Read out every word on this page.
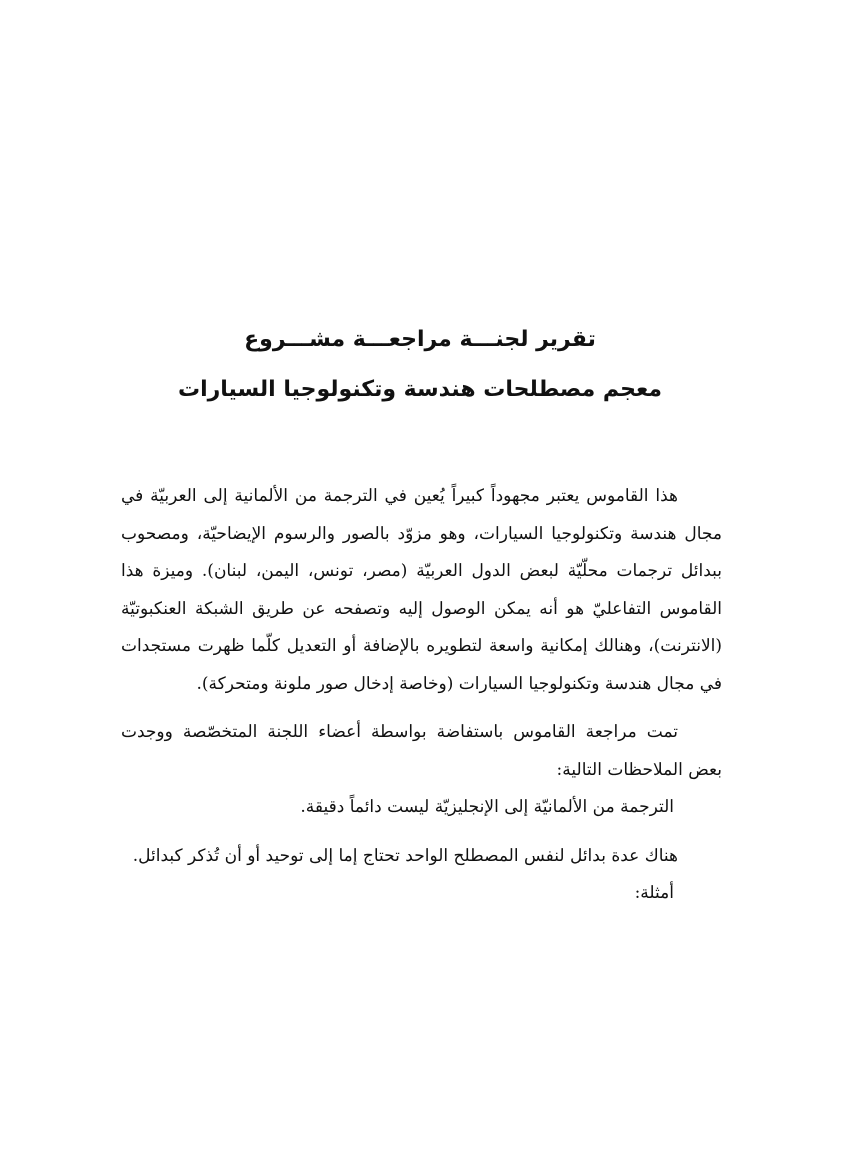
تقرير لجنـــة مراجعـــة مشـــروع

معجم مصطلحات هندسة وتكنولوجيا السيارات

هذا القاموس يعتبر مجهوداً كبيراً يُعين في الترجمة من الألمانية إلى العربيّة في مجال هندسة وتكنولوجيا السيارات، وهو مزوّد بالصور والرسوم الإيضاحيّة، ومصحوب ببدائل ترجمات محلّيّة لبعض الدول العربيّة (مصر، تونس، اليمن، لبنان). وميزة هذا القاموس التفاعليّ هو أنه يمكن الوصول إليه وتصفحه عن طريق الشبكة العنكبوتيّة (الانترنت)، وهنالك إمكانية واسعة لتطويره بالإضافة أو التعديل كلّما ظهرت مستجدات في مجال هندسة وتكنولوجيا السيارات (وخاصة إدخال صور ملونة ومتحركة).

تمت مراجعة القاموس باستفاضة بواسطة أعضاء اللجنة المتخصّصة ووجدت بعض الملاحظات التالية:

الترجمة من الألمانيّة إلى الإنجليزيّة ليست دائماً دقيقة.

هناك عدة بدائل لنفس المصطلح الواحد تحتاج إما إلى توحيد أو أن تُذكر كبدائل.

أمثلة:
